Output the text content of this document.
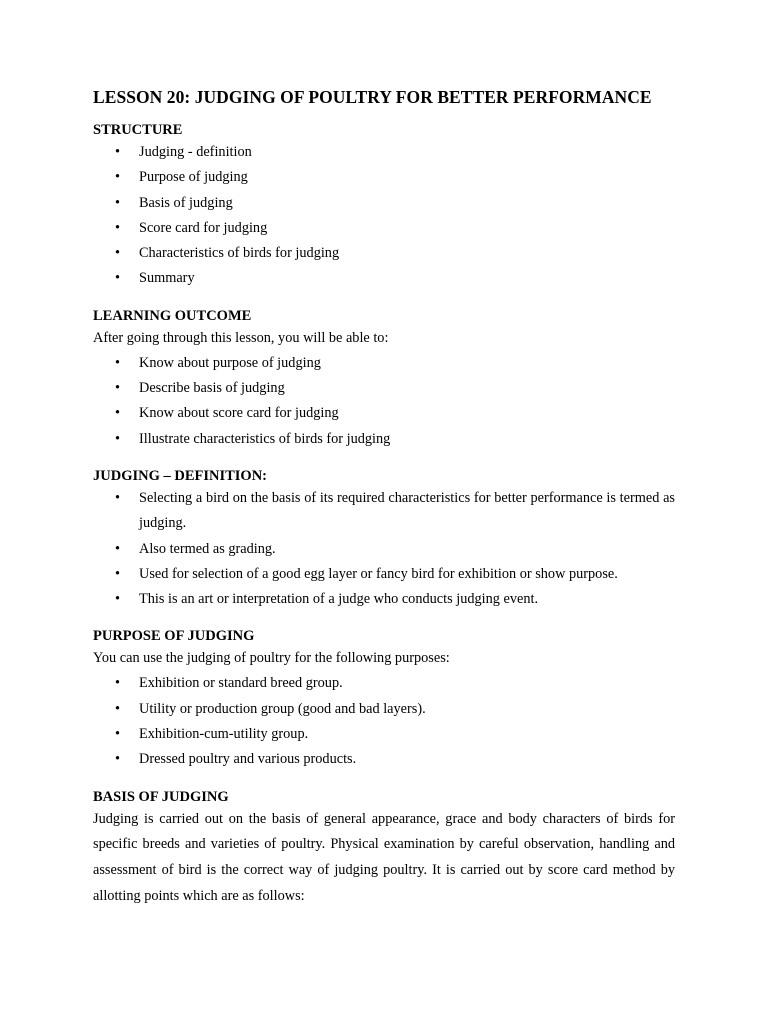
LESSON 20: JUDGING OF POULTRY FOR BETTER PERFORMANCE
STRUCTURE
• Judging - definition
• Purpose of judging
• Basis of judging
• Score card for judging
• Characteristics of birds for judging
• Summary
LEARNING OUTCOME

After going through this lesson, you will be able to:

• Know about purpose of judging
• Describe basis of judging
• Know about score card for judging
• Illustrate characteristics of birds for judging
JUDGING – DEFINITION:
• Selecting a bird on the basis of its required characteristics for better performance is termed as judging.
• Also termed as grading.
• Used for selection of a good egg layer or fancy bird for exhibition or show purpose.
• This is an art or interpretation of a judge who conducts judging event.
PURPOSE OF JUDGING

You can use the judging of poultry for the following purposes:

• Exhibition or standard breed group.
• Utility or production group (good and bad layers).
• Exhibition-cum-utility group.
• Dressed poultry and various products.
BASIS OF JUDGING

Judging is carried out on the basis of general appearance, grace and body characters of birds for specific breeds and varieties of poultry. Physical examination by careful observation, handling and assessment of bird is the correct way of judging poultry. It is carried out by score card method by allotting points which are as follows:
